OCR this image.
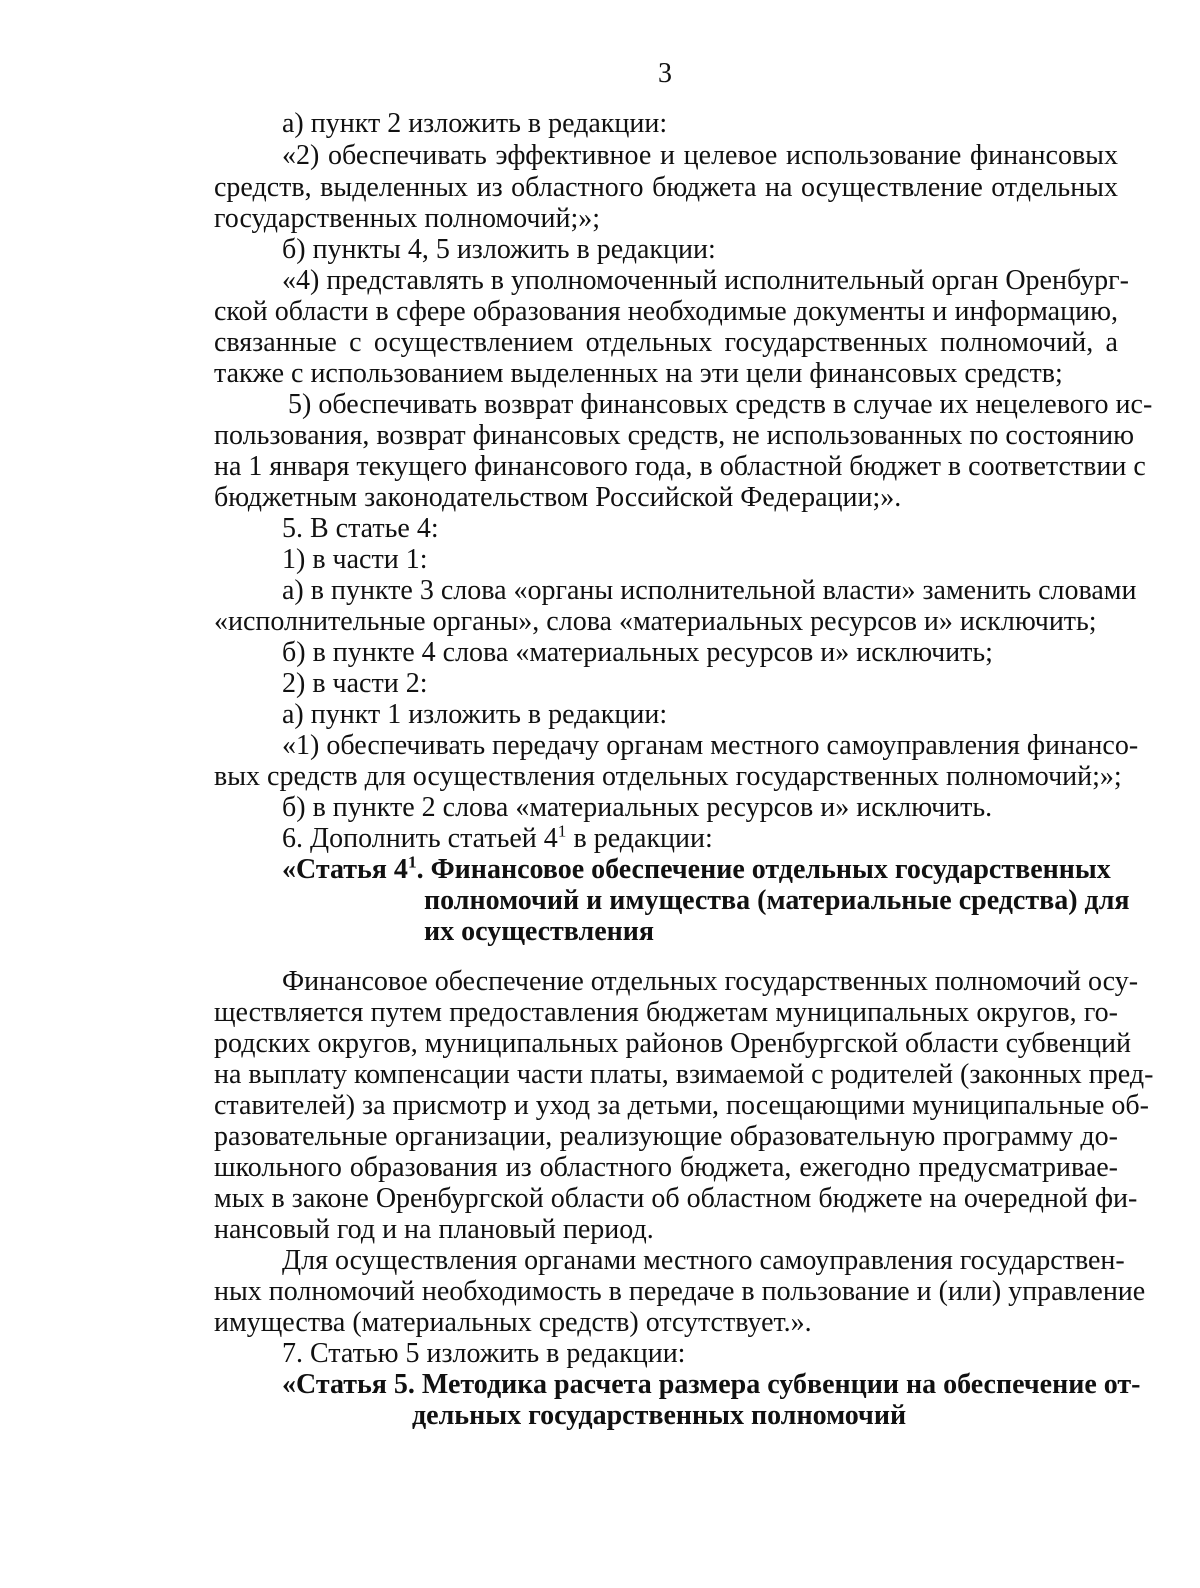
3
а) пункт 2 изложить в редакции:
«2) обеспечивать эффективное и целевое использование финансовых
средств, выделенных из областного бюджета на осуществление отдельных
государственных полномочий;»;
б) пункты 4, 5 изложить в редакции:
«4) представлять в уполномоченный исполнительный орган Оренбург-
ской области в сфере образования необходимые документы и информацию,
связанные с осуществлением отдельных государственных полномочий, а
также с использованием выделенных на эти цели финансовых средств;
5) обеспечивать возврат финансовых средств в случае их нецелевого ис-
пользования, возврат финансовых средств, не использованных по состоянию
на 1 января текущего финансового года, в областной бюджет в соответствии с
бюджетным законодательством Российской Федерации;».
5. В статье 4:
1) в части 1:
а) в пункте 3 слова «органы исполнительной власти» заменить словами
«исполнительные органы», слова «материальных ресурсов и» исключить;
б) в пункте 4 слова «материальных ресурсов и» исключить;
2) в части 2:
а) пункт 1 изложить в редакции:
«1) обеспечивать передачу органам местного самоуправления финансо-
вых средств для осуществления отдельных государственных полномочий;»;
б) в пункте 2 слова «материальных ресурсов и» исключить.
6. Дополнить статьей $4^1$ в редакции:
«Статья $4^1$. Финансовое обеспечение отдельных государственных
полномочий и имущества (материальные средства) для
их осуществления
Финансовое обеспечение отдельных государственных полномочий осу-
ществляется путем предоставления бюджетам муниципальных округов, го-
родских округов, муниципальных районов Оренбургской области субвенций
на выплату компенсации части платы, взимаемой с родителей (законных пред-
ставителей) за присмотр и уход за детьми, посещающими муниципальные об-
разовательные организации, реализующие образовательную программу до-
школьного образования из областного бюджета, ежегодно предусматривае-
мых в законе Оренбургской области об областном бюджете на очередной фи-
нансовый год и на плановый период.
Для осуществления органами местного самоуправления государствен-
ных полномочий необходимость в передаче в пользование и (или) управление
имущества (материальных средств) отсутствует.».
7. Статью 5 изложить в редакции:
«Статья 5. Методика расчета размера субвенции на обеспечение от-
дельных государственных полномочий
